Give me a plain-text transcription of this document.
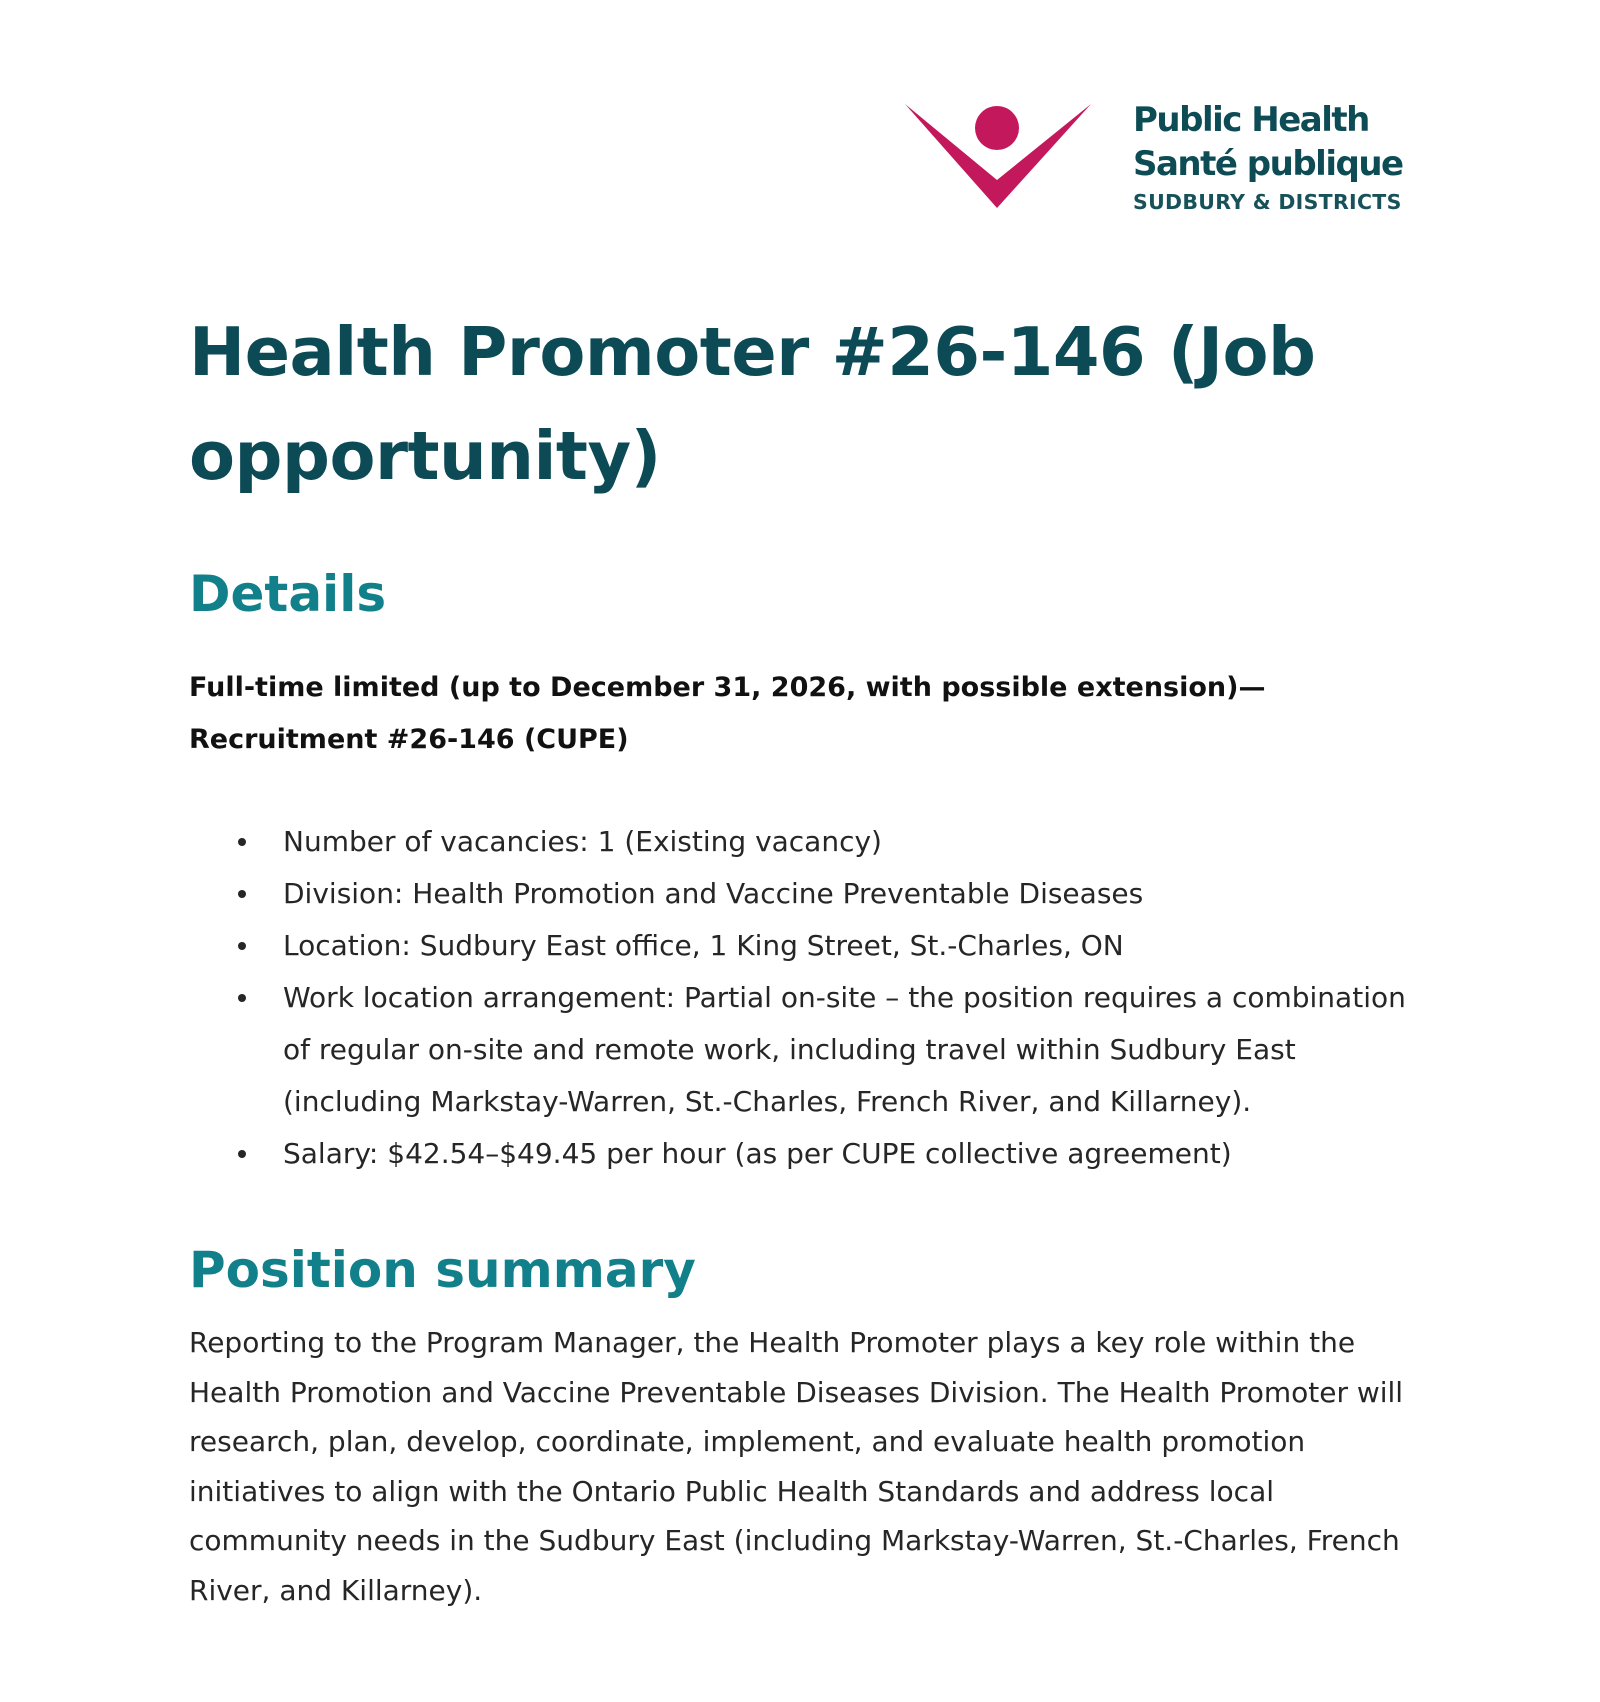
Public Health
Santé publique
SUDBURY & DISTRICTS
Health Promoter #26-146 (Job opportunity)
Details

Full-time limited (up to December 31, 2026, with possible extension)—
Recruitment #26-146 (CUPE)

Number of vacancies: 1 (Existing vacancy)
Division: Health Promotion and Vaccine Preventable Diseases
Location: Sudbury East office, 1 King Street, St.-Charles, ON
Work location arrangement: Partial on-site – the position requires a combination of regular on-site and remote work, including travel within Sudbury East (including Markstay-Warren, St.-Charles, French River, and Killarney).
Salary: $42.54–$49.45 per hour (as per CUPE collective agreement)
Position summary

Reporting to the Program Manager, the Health Promoter plays a key role within the Health Promotion and Vaccine Preventable Diseases Division. The Health Promoter will research, plan, develop, coordinate, implement, and evaluate health promotion initiatives to align with the Ontario Public Health Standards and address local community needs in the Sudbury East (including Markstay-Warren, St.-Charles, French River, and Killarney).
